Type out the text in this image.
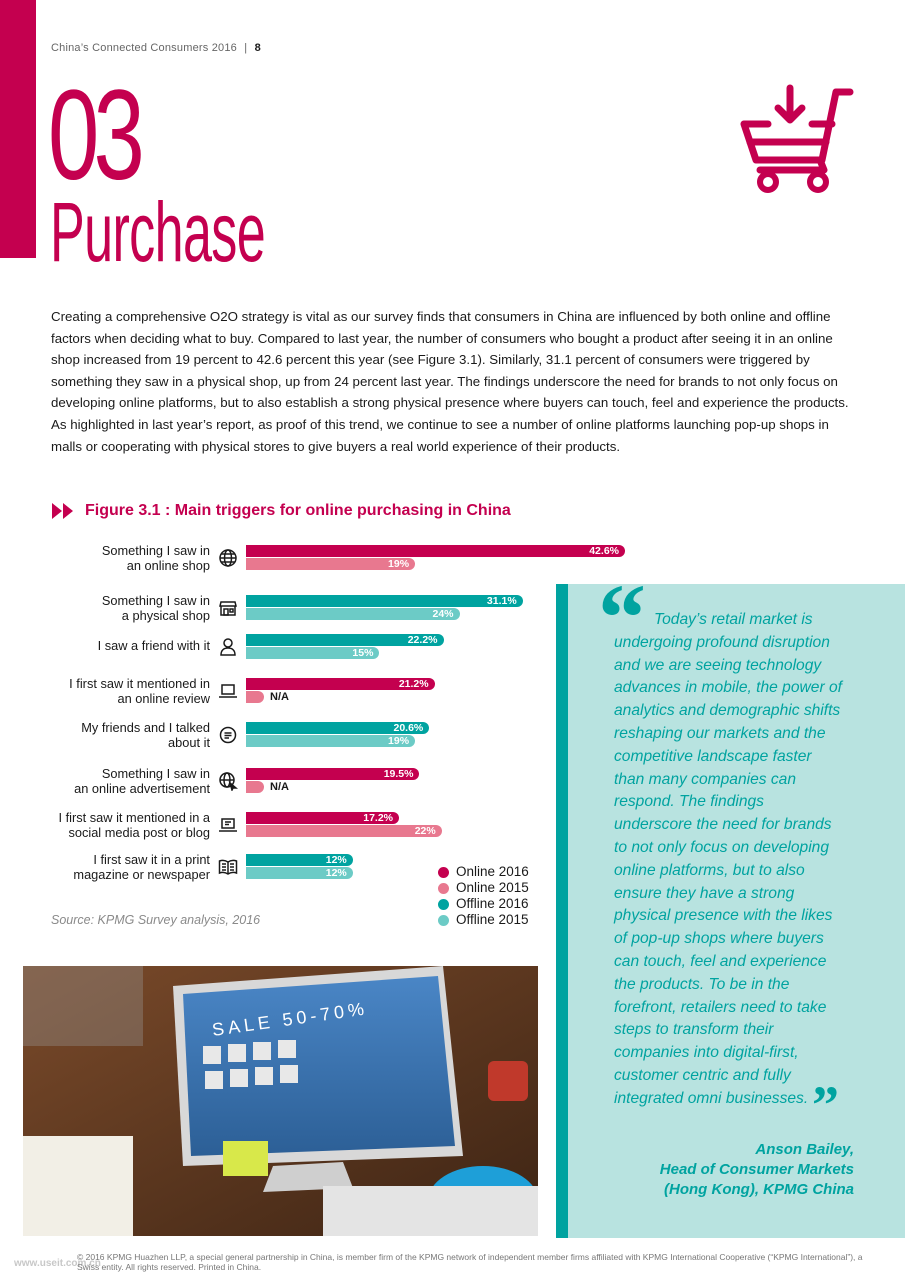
China’s Connected Consumers 2016 | 8
03
Purchase

Creating a comprehensive O2O strategy is vital as our survey finds that consumers in China are influenced by both online and offline factors when deciding what to buy. Compared to last year, the number of consumers who bought a product after seeing it in an online shop increased from 19 percent to 42.6 percent this year (see Figure 3.1). Similarly, 31.1 percent of consumers were triggered by something they saw in a physical shop, up from 24 percent last year. The findings underscore the need for brands to not only focus on developing online platforms, but to also establish a strong physical presence where buyers can touch, feel and experience the products. As highlighted in last year’s report, as proof of this trend, we continue to see a number of online platforms launching pop-up shops in malls or cooperating with physical stores to give buyers a real world experience of their products.

Figure 3.1 : Main triggers for online purchasing in China
Something I saw in
an online shop
42.6%
19%
Something I saw in
a physical shop
31.1%
24%
I saw a friend with it	22.2%
15%
I first saw it mentioned in
an online review
21.2%
N/A
My friends and I talked
about it
20.6%
19%
Something I saw in
an online advertisement
19.5%
N/A
I first saw it mentioned in a
social media post or blog
17.2%
22%
I first saw it in a print
magazine or newspaper
12%
12%	Online 2016
Online 2015
Offline 2016
Offline 2015
Source: KPMG Survey analysis, 2016
SALE 50-70%
“ Today’s retail market is undergoing profound disruption and we are seeing technology advances in mobile, the power of analytics and demographic shifts reshaping our markets and the competitive landscape faster than many companies can respond. The findings underscore the need for brands to not only focus on developing online platforms, but to also ensure they have a strong physical presence with the likes of pop-up shops where buyers can touch, feel and experience the products. To be in the forefront, retailers need to take steps to transform their companies into digital-first, customer centric and fully integrated omni businesses. ”
Anson Bailey,
Head of Consumer Markets
(Hong Kong), KPMG China
www.useit.com.cn
© 2016 KPMG Huazhen LLP, a special general partnership in China, is member firm of the KPMG network of independent member firms affiliated with KPMG International Cooperative (“KPMG International”), a Swiss entity. All rights reserved. Printed in China.
